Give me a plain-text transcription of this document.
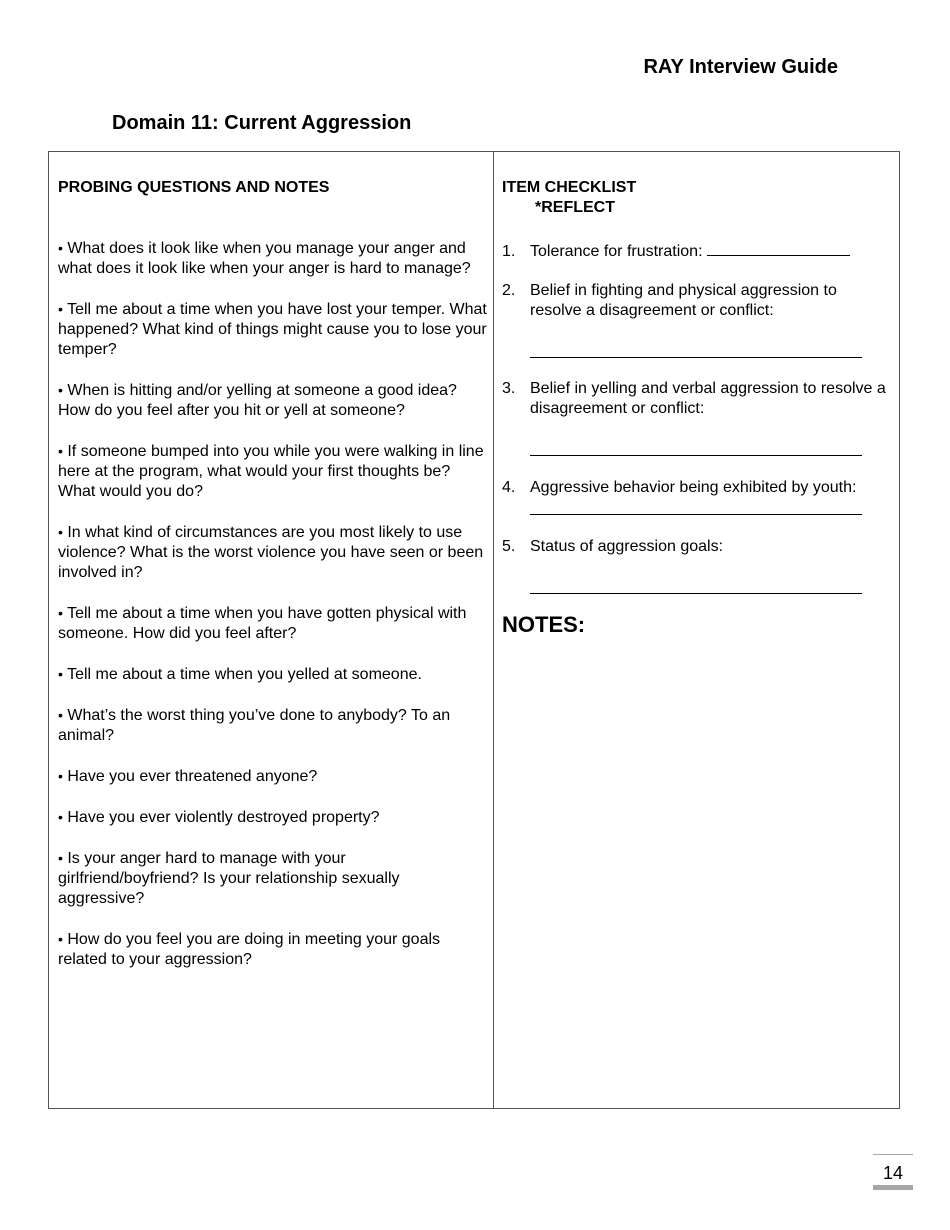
RAY Interview Guide
Domain 11: Current Aggression
PROBING QUESTIONS AND NOTES

• What does it look like when you manage your anger and what does it look like when your anger is hard to manage?

• Tell me about a time when you have lost your temper. What happened? What kind of things might cause you to lose your temper?

• When is hitting and/or yelling at someone a good idea? How do you feel after you hit or yell at someone?

• If someone bumped into you while you were walking in line here at the program, what would your first thoughts be? What would you do?

• In what kind of circumstances are you most likely to use violence? What is the worst violence you have seen or been involved in?

• Tell me about a time when you have gotten physical with someone. How did you feel after?

• Tell me about a time when you yelled at someone.

• What’s the worst thing you’ve done to anybody? To an animal?

• Have you ever threatened anyone?

• Have you ever violently destroyed property?

• Is your anger hard to manage with your girlfriend/boyfriend? Is your relationship sexually aggressive?

• How do you feel you are doing in meeting your goals related to your aggression?

ITEM CHECKLIST
*REFLECT
1. Tolerance for frustration:
2. Belief in fighting and physical aggression to resolve a disagreement or conflict:
3. Belief in yelling and verbal aggression to resolve a disagreement or conflict:
4. Aggressive behavior being exhibited by youth:
5. Status of aggression goals:
NOTES:
14
